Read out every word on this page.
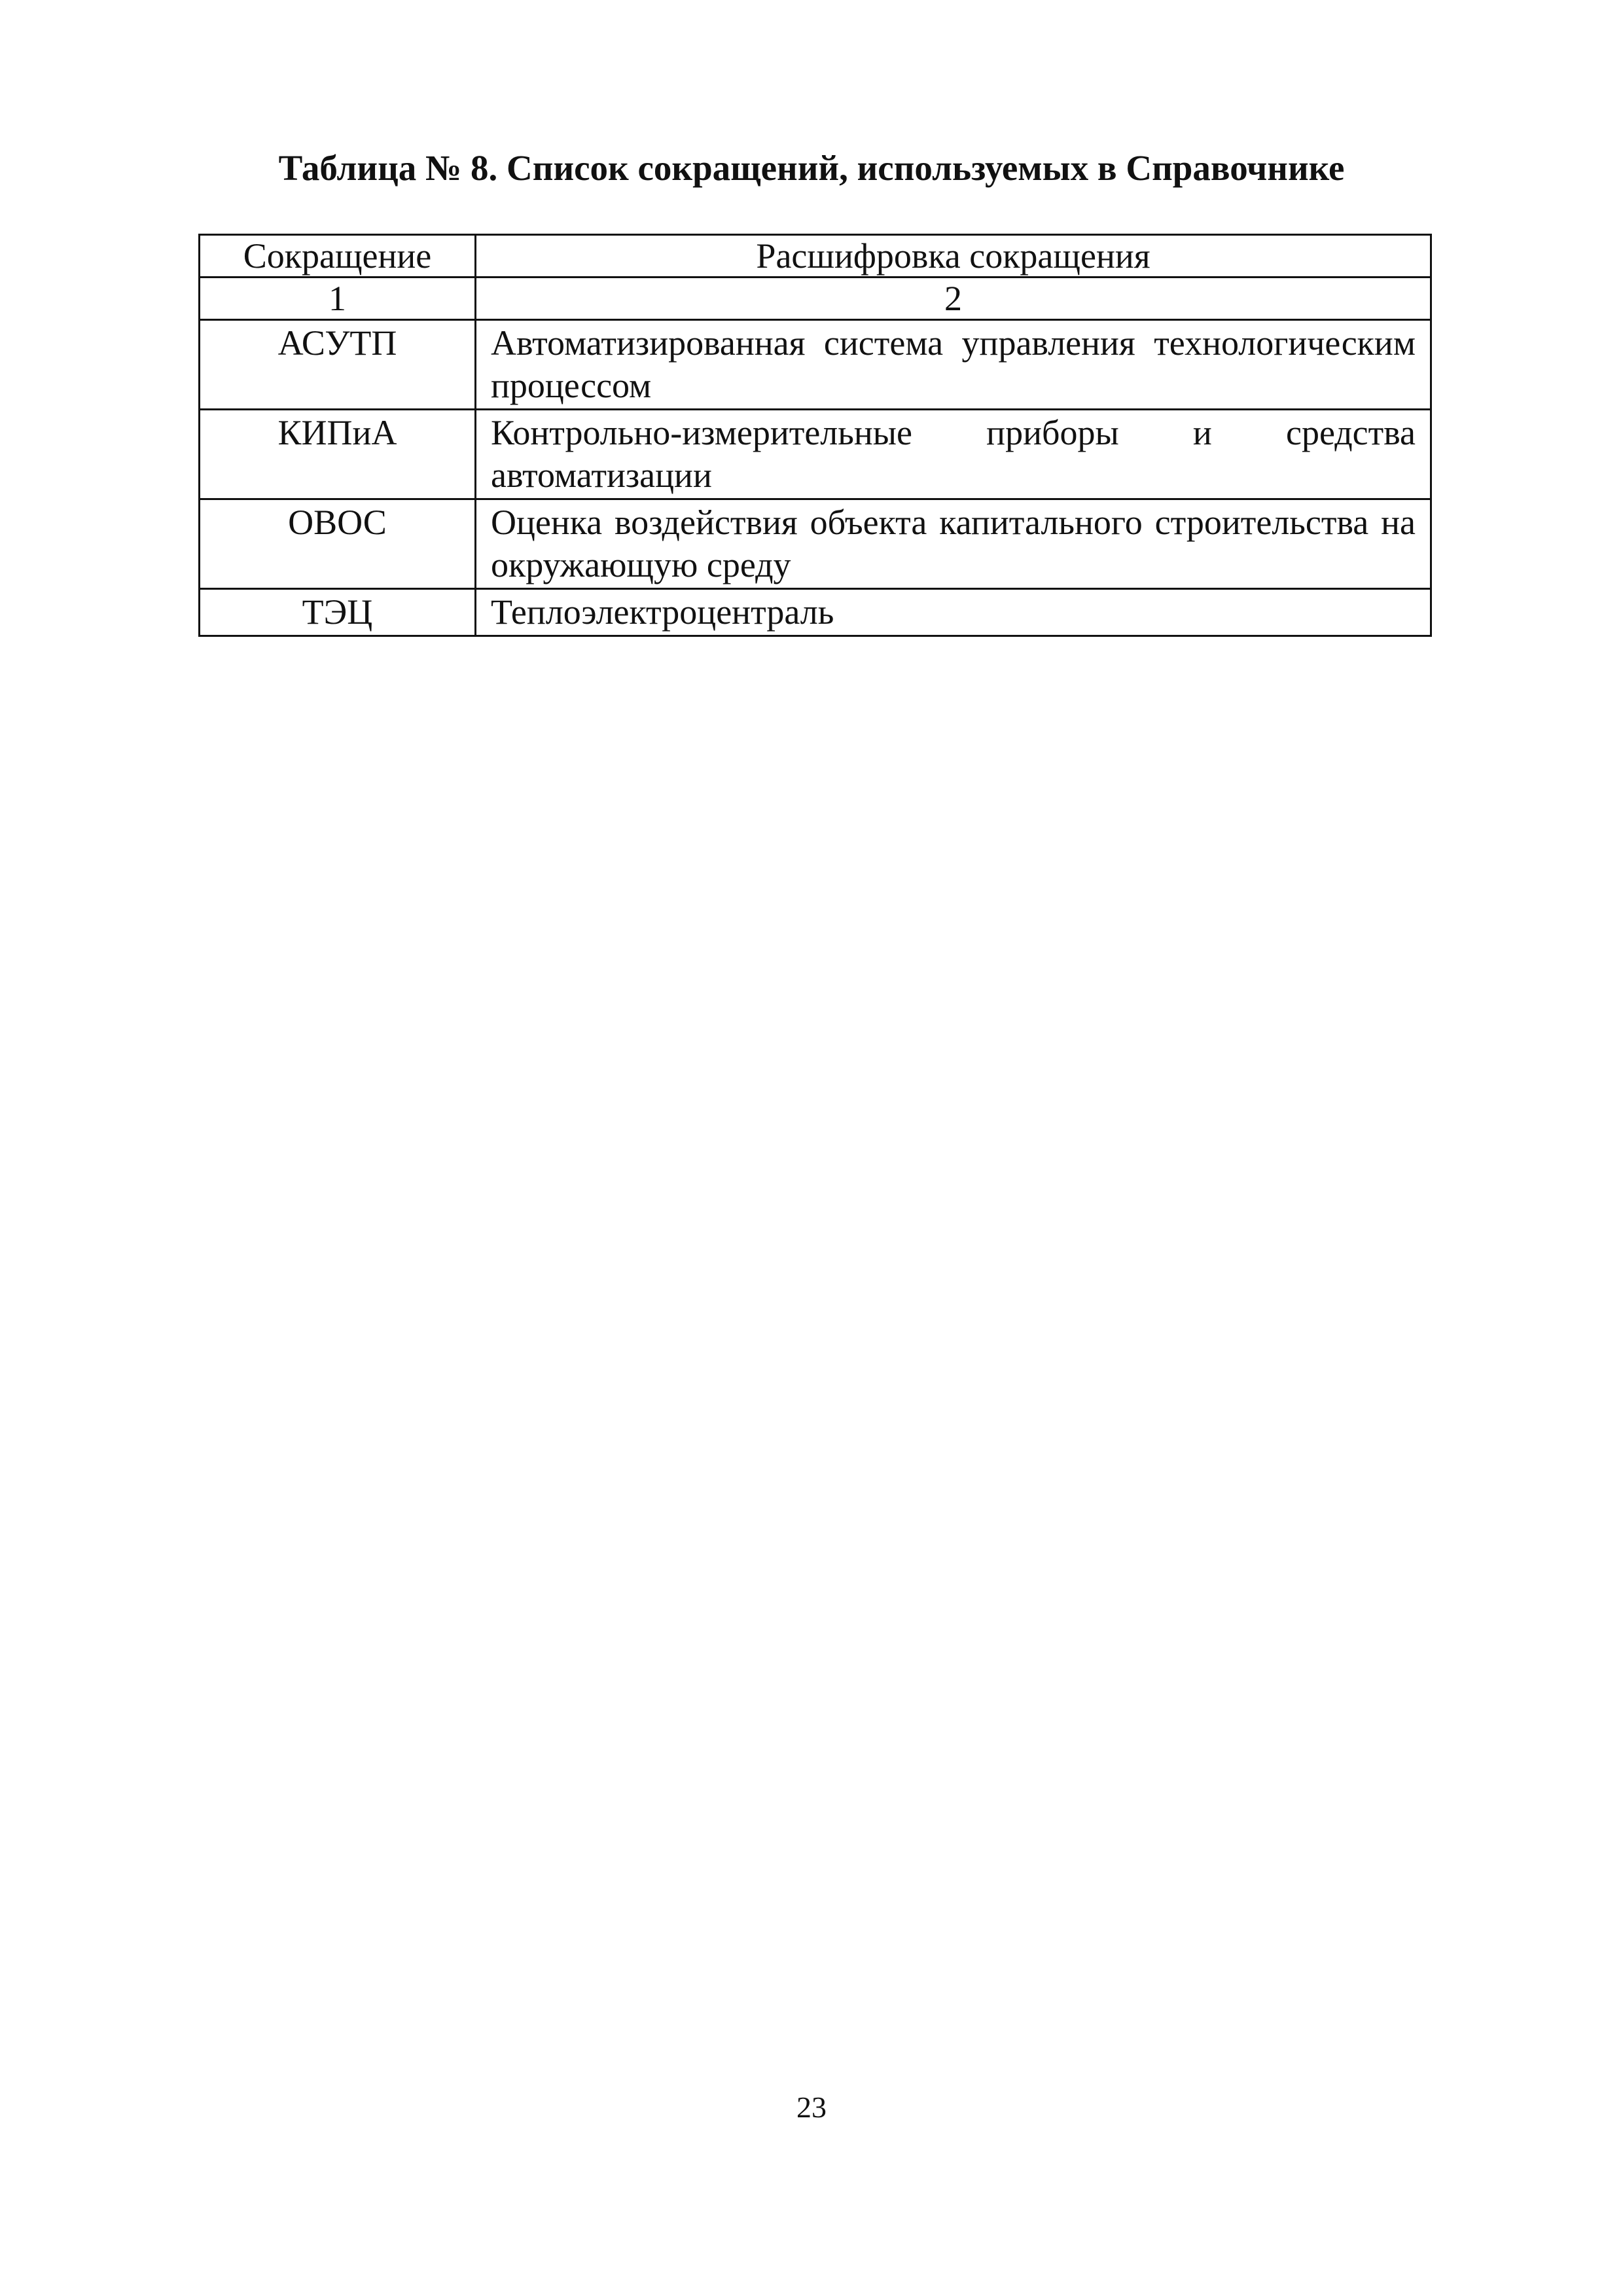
Таблица № 8. Список сокращений, используемых в Справочнике
Сокращение	Расшифровка сокращения
1	2
АСУТП	Автоматизированная система управления технологическим процессом
КИПиА	Контрольно-измерительные приборы и средства автоматизации
ОВОС	Оценка воздействия объекта капитального строительства на окружающую среду
ТЭЦ	Теплоэлектроцентраль
23
